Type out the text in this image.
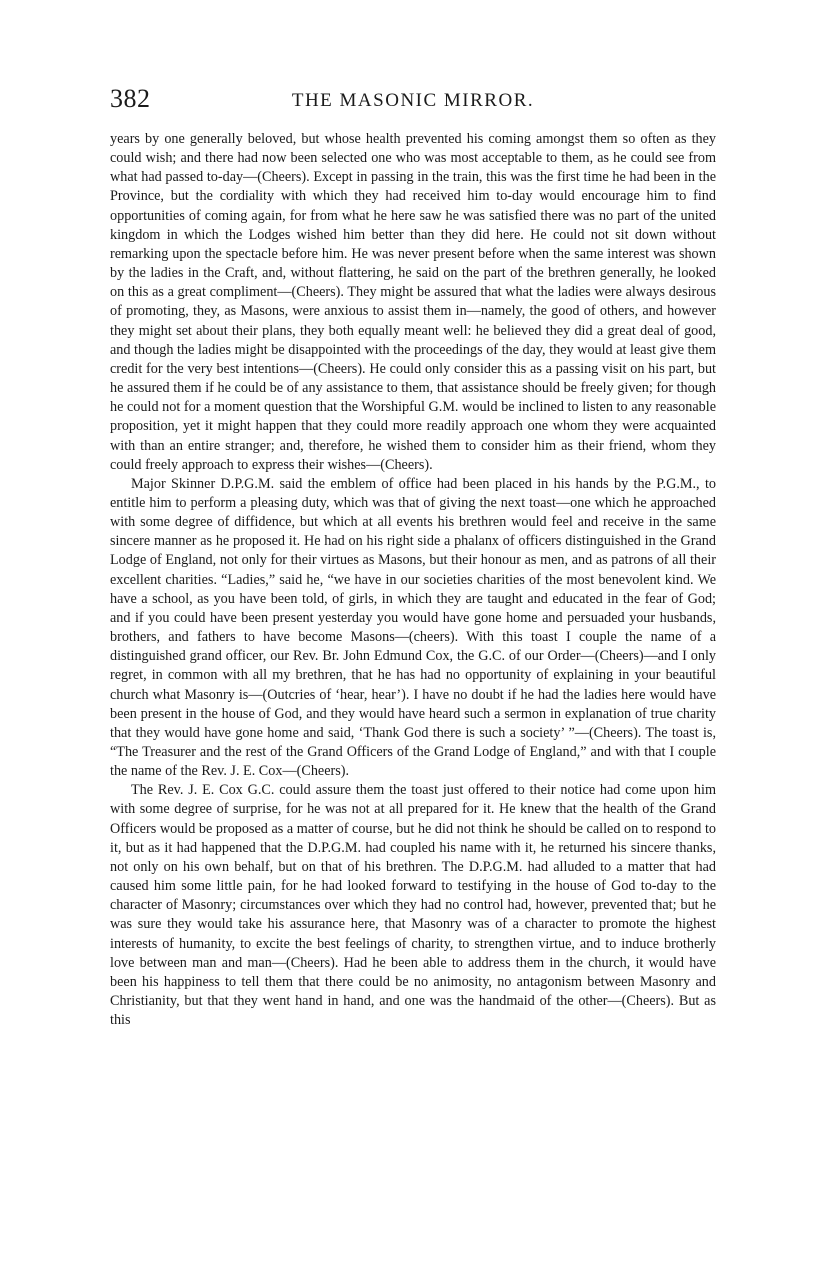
382	THE MASONIC MIRROR.

years by one generally beloved, but whose health prevented his coming amongst them so often as they could wish; and there had now been selected one who was most acceptable to them, as he could see from what had passed to-day—(Cheers). Except in passing in the train, this was the first time he had been in the Province, but the cordiality with which they had received him to-day would encourage him to find opportunities of coming again, for from what he here saw he was satisfied there was no part of the united kingdom in which the Lodges wished him better than they did here. He could not sit down without remarking upon the spectacle before him. He was never present before when the same interest was shown by the ladies in the Craft, and, without flattering, he said on the part of the brethren generally, he looked on this as a great compliment—(Cheers). They might be assured that what the ladies were always desirous of promoting, they, as Masons, were anxious to assist them in—namely, the good of others, and however they might set about their plans, they both equally meant well: he believed they did a great deal of good, and though the ladies might be disappointed with the proceedings of the day, they would at least give them credit for the very best intentions—(Cheers). He could only consider this as a passing visit on his part, but he assured them if he could be of any assistance to them, that assistance should be freely given; for though he could not for a moment question that the Worshipful G.M. would be inclined to listen to any reasonable proposition, yet it might happen that they could more readily approach one whom they were acquainted with than an entire stranger; and, therefore, he wished them to consider him as their friend, whom they could freely approach to express their wishes—(Cheers).

Major Skinner D.P.G.M. said the emblem of office had been placed in his hands by the P.G.M., to entitle him to perform a pleasing duty, which was that of giving the next toast—one which he approached with some degree of diffidence, but which at all events his brethren would feel and receive in the same sincere manner as he proposed it. He had on his right side a phalanx of officers distinguished in the Grand Lodge of England, not only for their virtues as Masons, but their honour as men, and as patrons of all their excellent charities. “Ladies,” said he, “we have in our societies charities of the most benevolent kind. We have a school, as you have been told, of girls, in which they are taught and educated in the fear of God; and if you could have been present yesterday you would have gone home and persuaded your husbands, brothers, and fathers to have become Masons—(cheers). With this toast I couple the name of a distinguished grand officer, our Rev. Br. John Edmund Cox, the G.C. of our Order—(Cheers)—and I only regret, in common with all my brethren, that he has had no opportunity of explaining in your beautiful church what Masonry is—(Outcries of ‘hear, hear’). I have no doubt if he had the ladies here would have been present in the house of God, and they would have heard such a sermon in explanation of true charity that they would have gone home and said, ‘Thank God there is such a society’ ”—(Cheers). The toast is, “The Treasurer and the rest of the Grand Officers of the Grand Lodge of England,” and with that I couple the name of the Rev. J. E. Cox—(Cheers).

The Rev. J. E. Cox G.C. could assure them the toast just offered to their notice had come upon him with some degree of surprise, for he was not at all prepared for it. He knew that the health of the Grand Officers would be proposed as a matter of course, but he did not think he should be called on to respond to it, but as it had happened that the D.P.G.M. had coupled his name with it, he returned his sincere thanks, not only on his own behalf, but on that of his brethren. The D.P.G.M. had alluded to a matter that had caused him some little pain, for he had looked forward to testifying in the house of God to-day to the character of Masonry; circumstances over which they had no control had, however, prevented that; but he was sure they would take his assurance here, that Masonry was of a character to promote the highest interests of humanity, to excite the best feelings of charity, to strengthen virtue, and to induce brotherly love between man and man—(Cheers). Had he been able to address them in the church, it would have been his happiness to tell them that there could be no animosity, no antagonism between Masonry and Christianity, but that they went hand in hand, and one was the handmaid of the other—(Cheers). But as this
